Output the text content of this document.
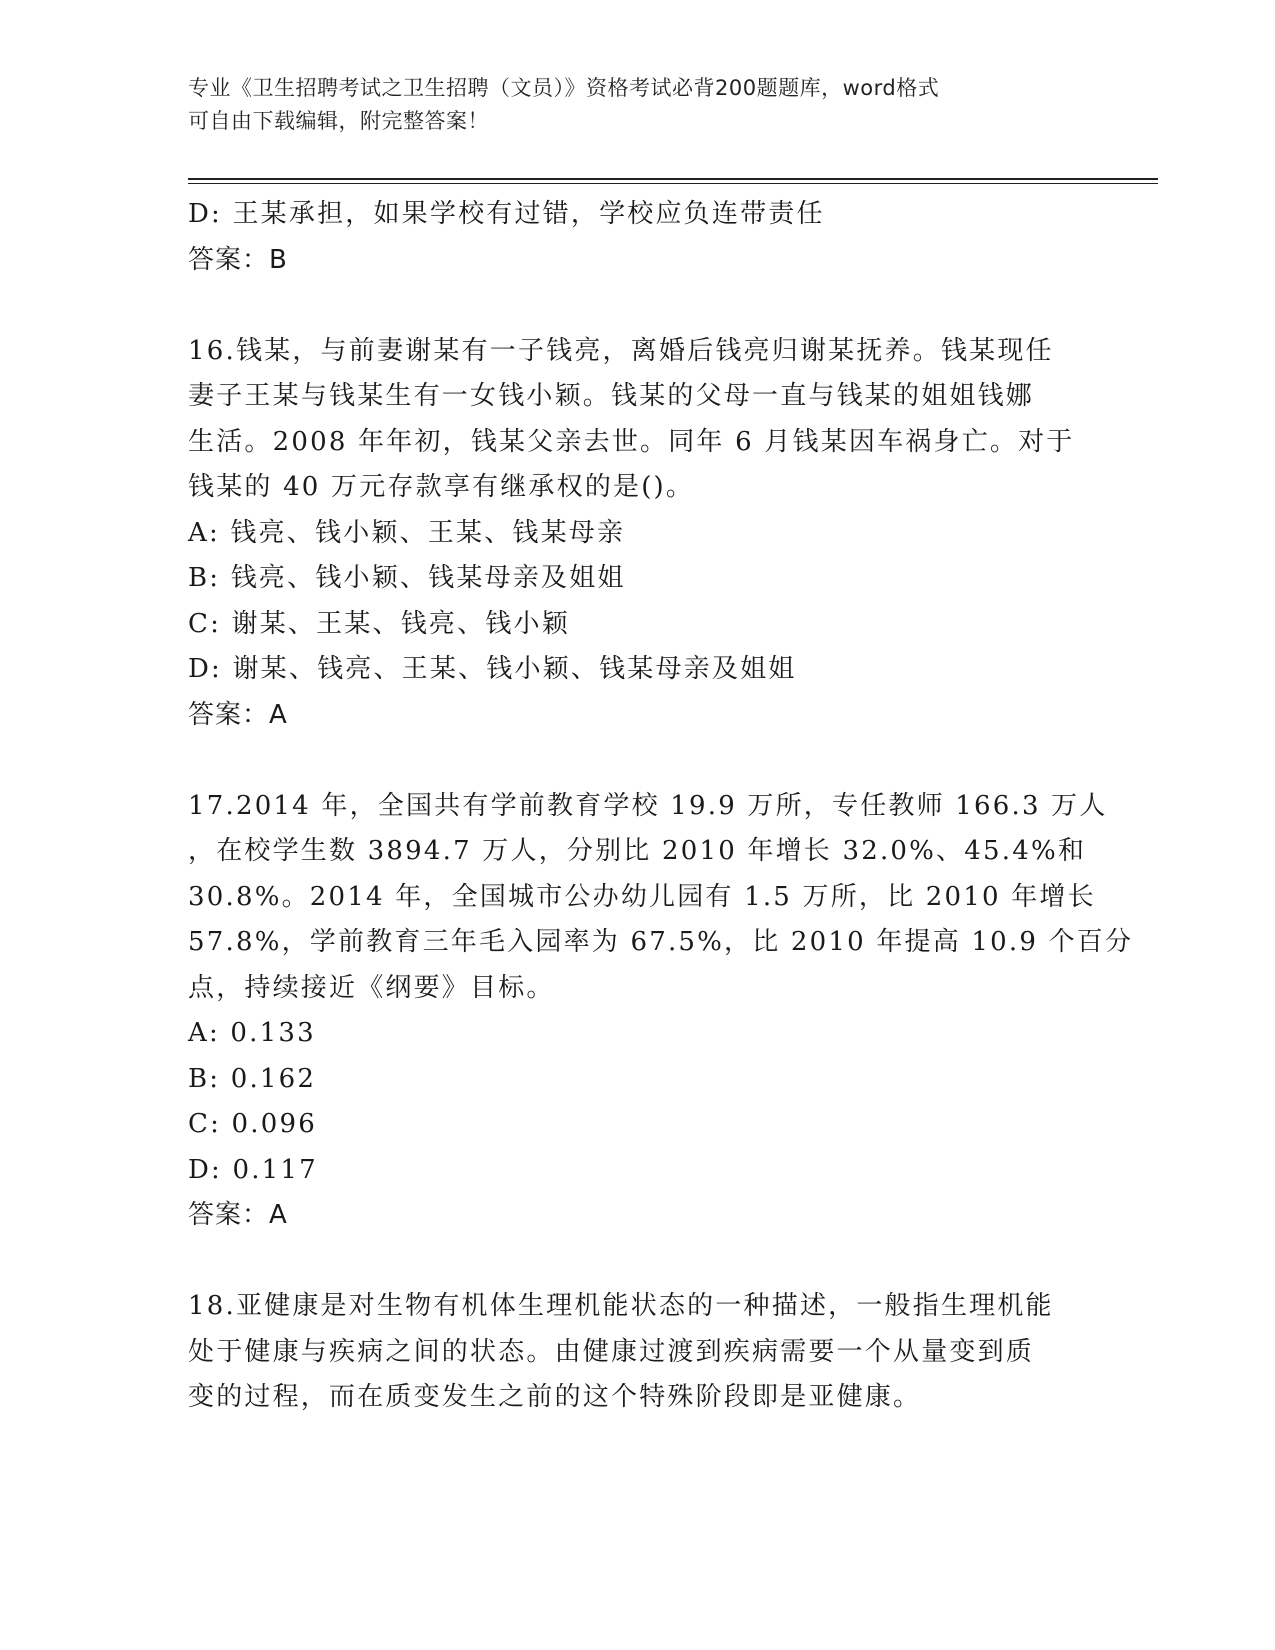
专业《卫生招聘考试之卫生招聘（文员）》资格考试必背200题题库，word格式
可自由下载编辑，附完整答案！
D: 王某承担，如果学校有过错，学校应负连带责任
答案：B
16.钱某，与前妻谢某有一子钱亮，离婚后钱亮归谢某抚养。钱某现任
妻子王某与钱某生有一女钱小颖。钱某的父母一直与钱某的姐姐钱娜
生活。2008 年年初，钱某父亲去世。同年 6 月钱某因车祸身亡。对于
钱某的 40 万元存款享有继承权的是()。
A: 钱亮、钱小颖、王某、钱某母亲
B: 钱亮、钱小颖、钱某母亲及姐姐
C: 谢某、王某、钱亮、钱小颖
D: 谢某、钱亮、王某、钱小颖、钱某母亲及姐姐
答案：A
17.2014 年，全国共有学前教育学校 19.9 万所，专任教师 166.3 万人
，在校学生数 3894.7 万人，分别比 2010 年增长 32.0%、45.4%和
30.8%。2014 年，全国城市公办幼儿园有 1.5 万所，比 2010 年增长
57.8%，学前教育三年毛入园率为 67.5%，比 2010 年提高 10.9 个百分
点，持续接近《纲要》目标。
A: 0.133
B: 0.162
C: 0.096
D: 0.117
答案：A
18.亚健康是对生物有机体生理机能状态的一种描述，一般指生理机能
处于健康与疾病之间的状态。由健康过渡到疾病需要一个从量变到质
变的过程，而在质变发生之前的这个特殊阶段即是亚健康。
